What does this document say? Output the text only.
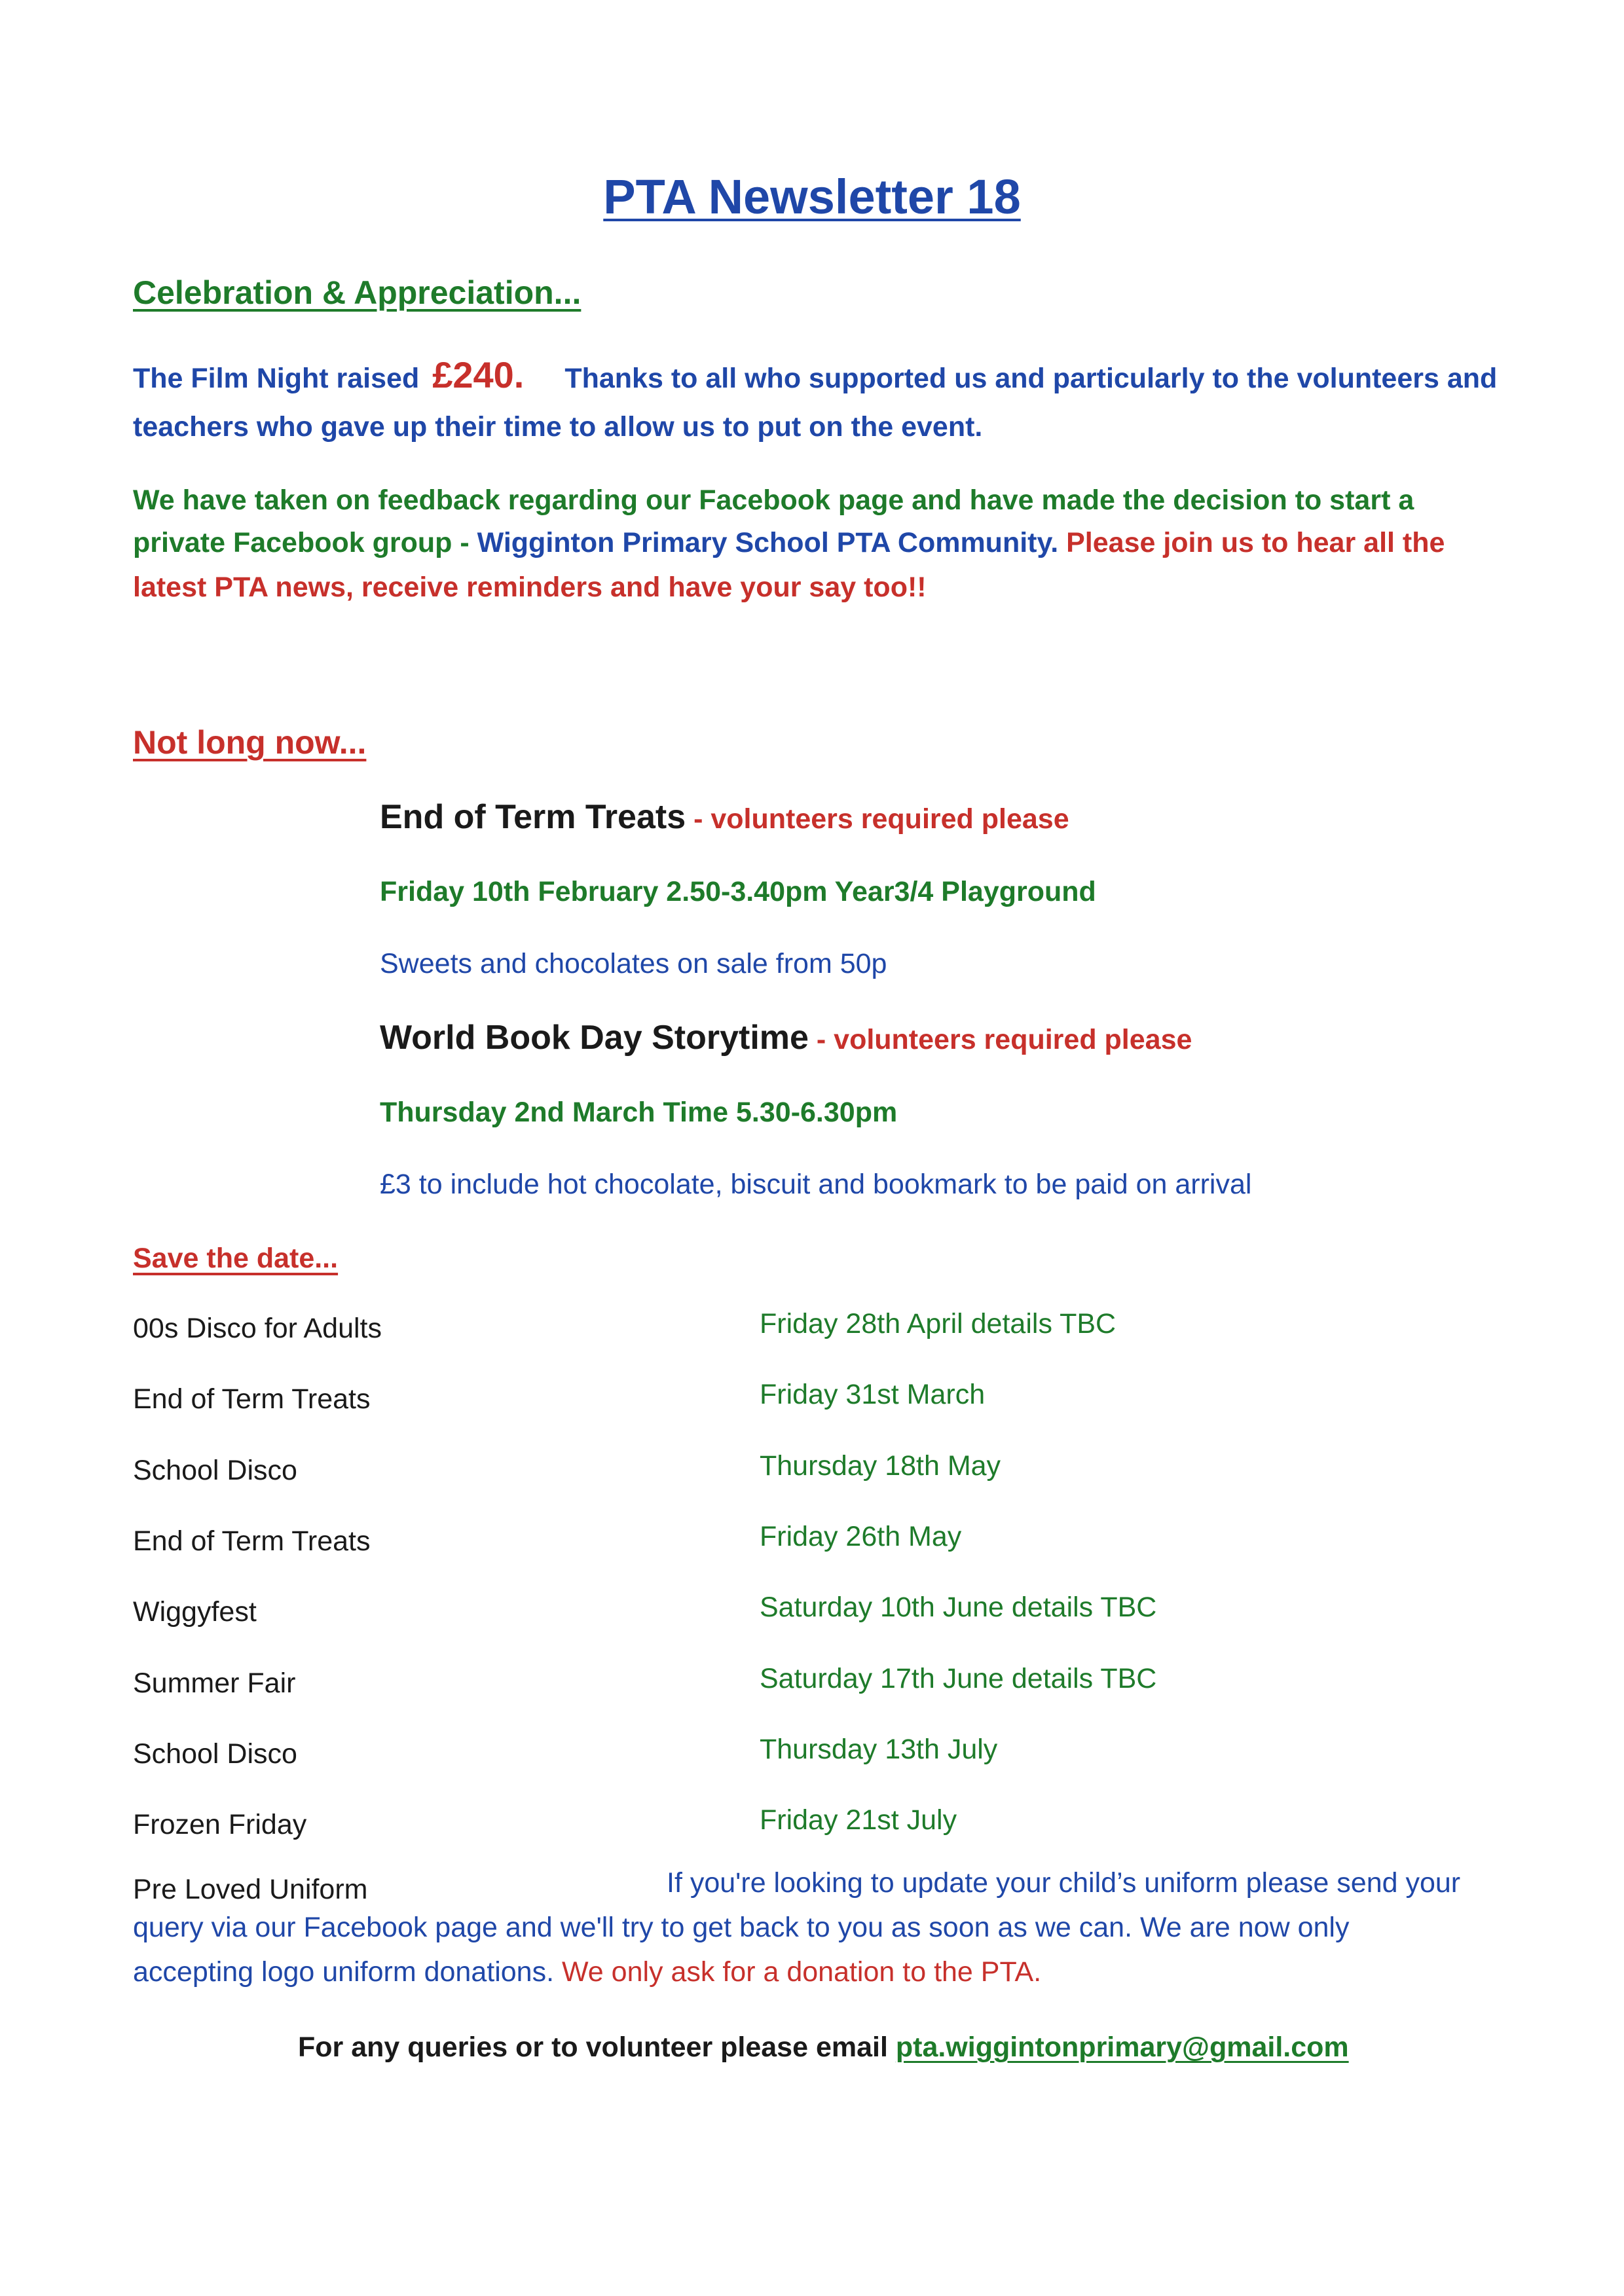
PTA Newsletter 18
Celebration & Appreciation...
The Film Night raised £240. Thanks to all who supported us and particularly to the volunteers and
teachers who gave up their time to allow us to put on the event.
We have taken on feedback regarding our Facebook page and have made the decision to start a
private Facebook group - Wigginton Primary School PTA Community. Please join us to hear all the
latest PTA news, receive reminders and have your say too!!
Not long now...
End of Term Treats - volunteers required please
Friday 10th February 2.50-3.40pm Year3/4 Playground
Sweets and chocolates on sale from 50p
World Book Day Storytime - volunteers required please
Thursday 2nd March Time 5.30-6.30pm
£3 to include hot chocolate, biscuit and bookmark to be paid on arrival
Save the date...
00s Disco for Adults	Friday 28th April details TBC
End of Term Treats	Friday 31st March
School Disco	Thursday 18th May
End of Term Treats	Friday 26th May
Wiggyfest	Saturday 10th June details TBC
Summer Fair	Saturday 17th June details TBC
School Disco	Thursday 13th July
Frozen Friday	Friday 21st July
Pre Loved Uniform	If you're looking to update your child’s uniform please send your
query via our Facebook page and we'll try to get back to you as soon as we can. We are now only
accepting logo uniform donations. We only ask for a donation to the PTA.
For any queries or to volunteer please email pta.wiggintonprimary@gmail.com
